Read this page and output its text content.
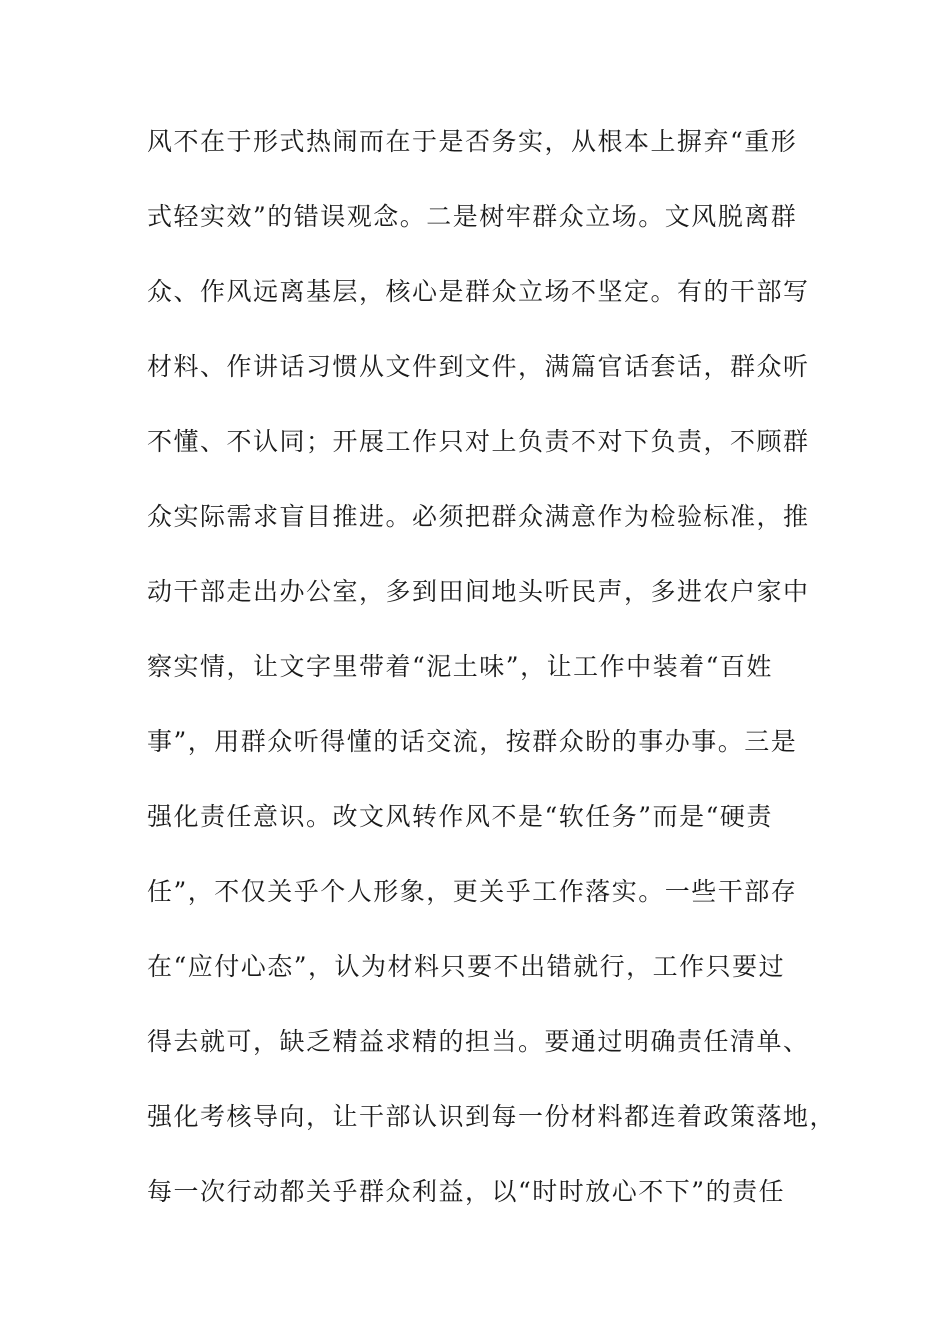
风不在于形式热闹而在于是否务实，从根本上摒弃“重形
式轻实效”的错误观念。二是树牢群众立场。文风脱离群
众、作风远离基层，核心是群众立场不坚定。有的干部写
材料、作讲话习惯从文件到文件，满篇官话套话，群众听
不懂、不认同；开展工作只对上负责不对下负责，不顾群
众实际需求盲目推进。必须把群众满意作为检验标准，推
动干部走出办公室，多到田间地头听民声，多进农户家中
察实情，让文字里带着“泥土味”，让工作中装着“百姓
事”，用群众听得懂的话交流，按群众盼的事办事。三是
强化责任意识。改文风转作风不是“软任务”而是“硬责
任”，不仅关乎个人形象，更关乎工作落实。一些干部存
在“应付心态”，认为材料只要不出错就行，工作只要过
得去就可，缺乏精益求精的担当。要通过明确责任清单、
强化考核导向，让干部认识到每一份材料都连着政策落地，
每一次行动都关乎群众利益，以“时时放心不下”的责任
